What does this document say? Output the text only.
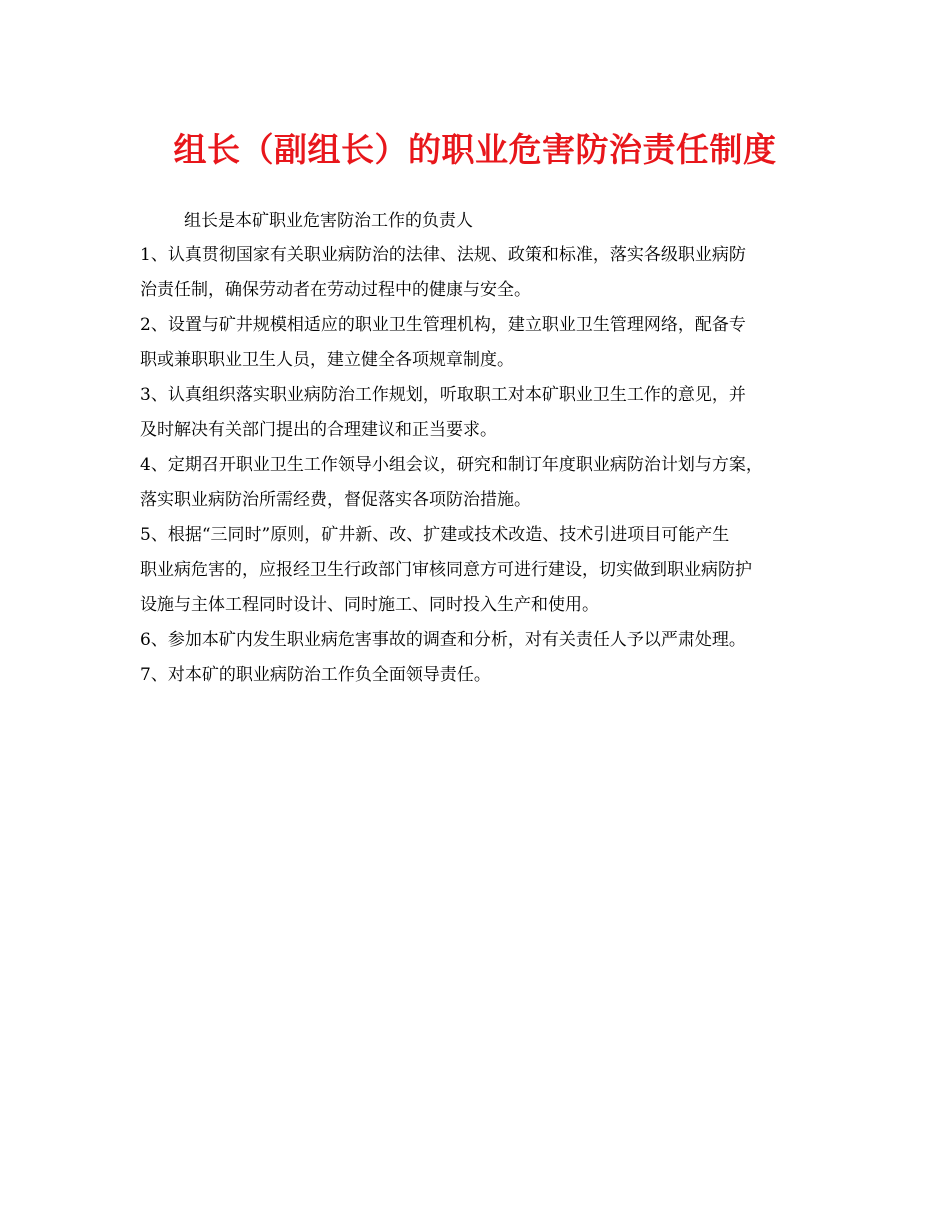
组长（副组长）的职业危害防治责任制度

组长是本矿职业危害防治工作的负责人

1、认真贯彻国家有关职业病防治的法律、法规、政策和标准，落实各级职业病防
治责任制，确保劳动者在劳动过程中的健康与安全。

2、设置与矿井规模相适应的职业卫生管理机构，建立职业卫生管理网络，配备专
职或兼职职业卫生人员，建立健全各项规章制度。

3、认真组织落实职业病防治工作规划，听取职工对本矿职业卫生工作的意见，并
及时解决有关部门提出的合理建议和正当要求。

4、定期召开职业卫生工作领导小组会议，研究和制订年度职业病防治计划与方案，
落实职业病防治所需经费，督促落实各项防治措施。

5、根据“三同时”原则，矿井新、改、扩建或技术改造、技术引进项目可能产生
职业病危害的，应报经卫生行政部门审核同意方可进行建设，切实做到职业病防护
设施与主体工程同时设计、同时施工、同时投入生产和使用。

6、参加本矿内发生职业病危害事故的调查和分析，对有关责任人予以严肃处理。

7、对本矿的职业病防治工作负全面领导责任。
